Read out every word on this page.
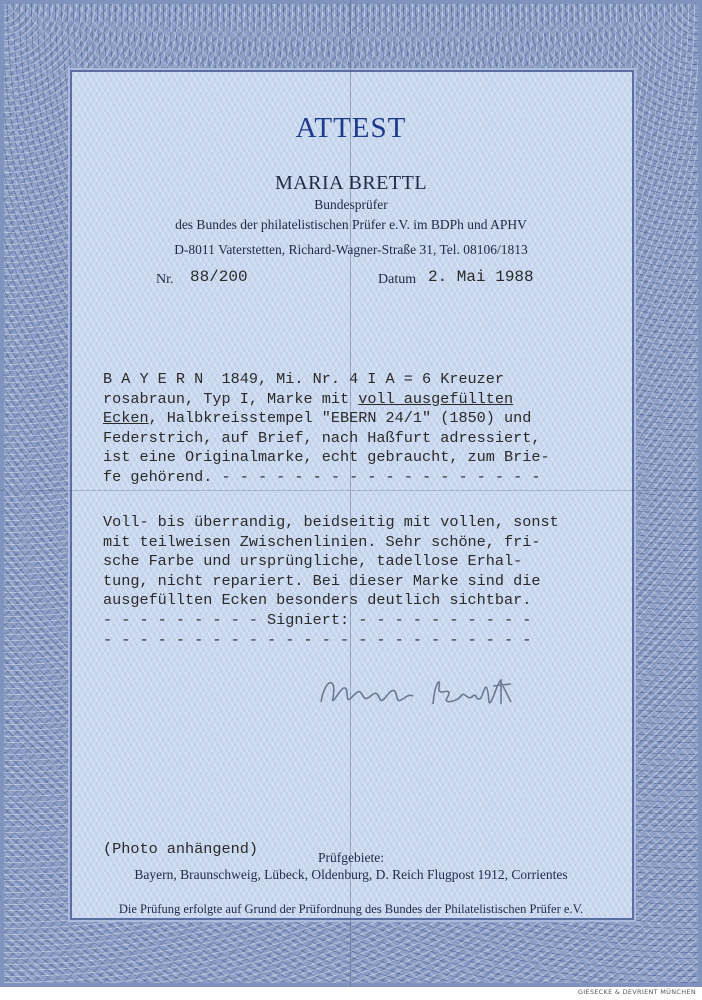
ATTEST
MARIA BRETTL
Bundesprüfer
des Bundes der philatelistischen Prüfer e.V. im BDPh und APHV
D-8011 Vaterstetten, Richard-Wagner-Straße 31, Tel. 08106/1813
Nr. 88/200	Datum 2. Mai 1988
B A Y E R N  1849, Mi. Nr. 4 I A = 6 Kreuzer
rosabraun, Typ I, Marke mit voll ausgefüllten
Ecken, Halbkreisstempel "EBERN 24/1" (1850) und
Federstrich, auf Brief, nach Haßfurt adressiert,
ist eine Originalmarke, echt gebraucht, zum Brie-
fe gehörend. - - - - - - - - - - - - - - - - - -
Voll- bis überrandig, beidseitig mit vollen, sonst
mit teilweisen Zwischenlinien. Sehr schöne, fri-
sche Farbe und ursprüngliche, tadellose Erhal-
tung, nicht repariert. Bei dieser Marke sind die
ausgefüllten Ecken besonders deutlich sichtbar.
- - - - - - - - - Signiert: - - - - - - - - - -
- - - - - - - - - - - - - - - - - - - - - - - -
(Photo anhängend)	Prüfgebiete:
Bayern, Braunschweig, Lübeck, Oldenburg, D. Reich Flugpost 1912, Corrientes
Die Prüfung erfolgte auf Grund der Prüfordnung des Bundes der Philatelistischen Prüfer e.V.
GIESECKE & DEVRIENT MÜNCHEN
